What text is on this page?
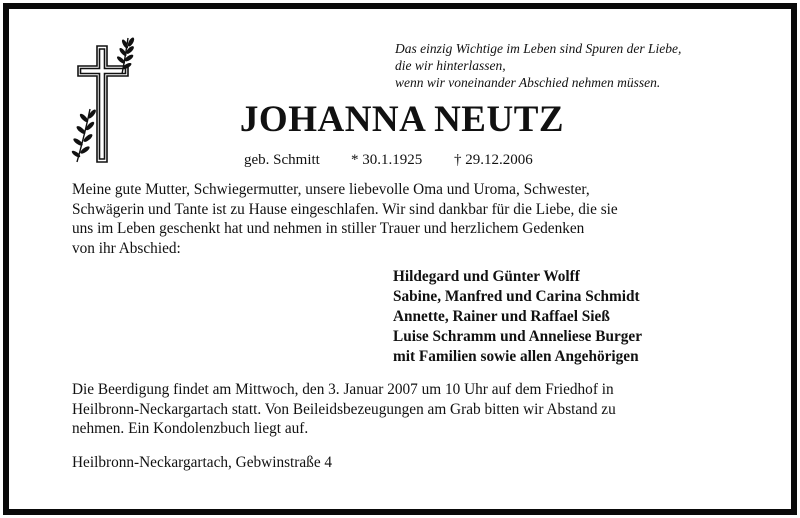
Das einzig Wichtige im Leben sind Spuren der Liebe,
die wir hinterlassen,
wenn wir voneinander Abschied nehmen müssen.
JOHANNA NEUTZ
geb. Schmitt * 30.1.1925 † 29.12.2006
Meine gute Mutter, Schwiegermutter, unsere liebevolle Oma und Uroma, Schwester,
Schwägerin und Tante ist zu Hause eingeschlafen. Wir sind dankbar für die Liebe, die sie
uns im Leben geschenkt hat und nehmen in stiller Trauer und herzlichem Gedenken
von ihr Abschied:
Hildegard und Günter Wolff
Sabine, Manfred und Carina Schmidt
Annette, Rainer und Raffael Sieß
Luise Schramm und Anneliese Burger
mit Familien sowie allen Angehörigen
Die Beerdigung findet am Mittwoch, den 3. Januar 2007 um 10 Uhr auf dem Friedhof in
Heilbronn-Neckargartach statt. Von Beileidsbezeugungen am Grab bitten wir Abstand zu
nehmen. Ein Kondolenzbuch liegt auf.
Heilbronn-Neckargartach, Gebwinstraße 4
